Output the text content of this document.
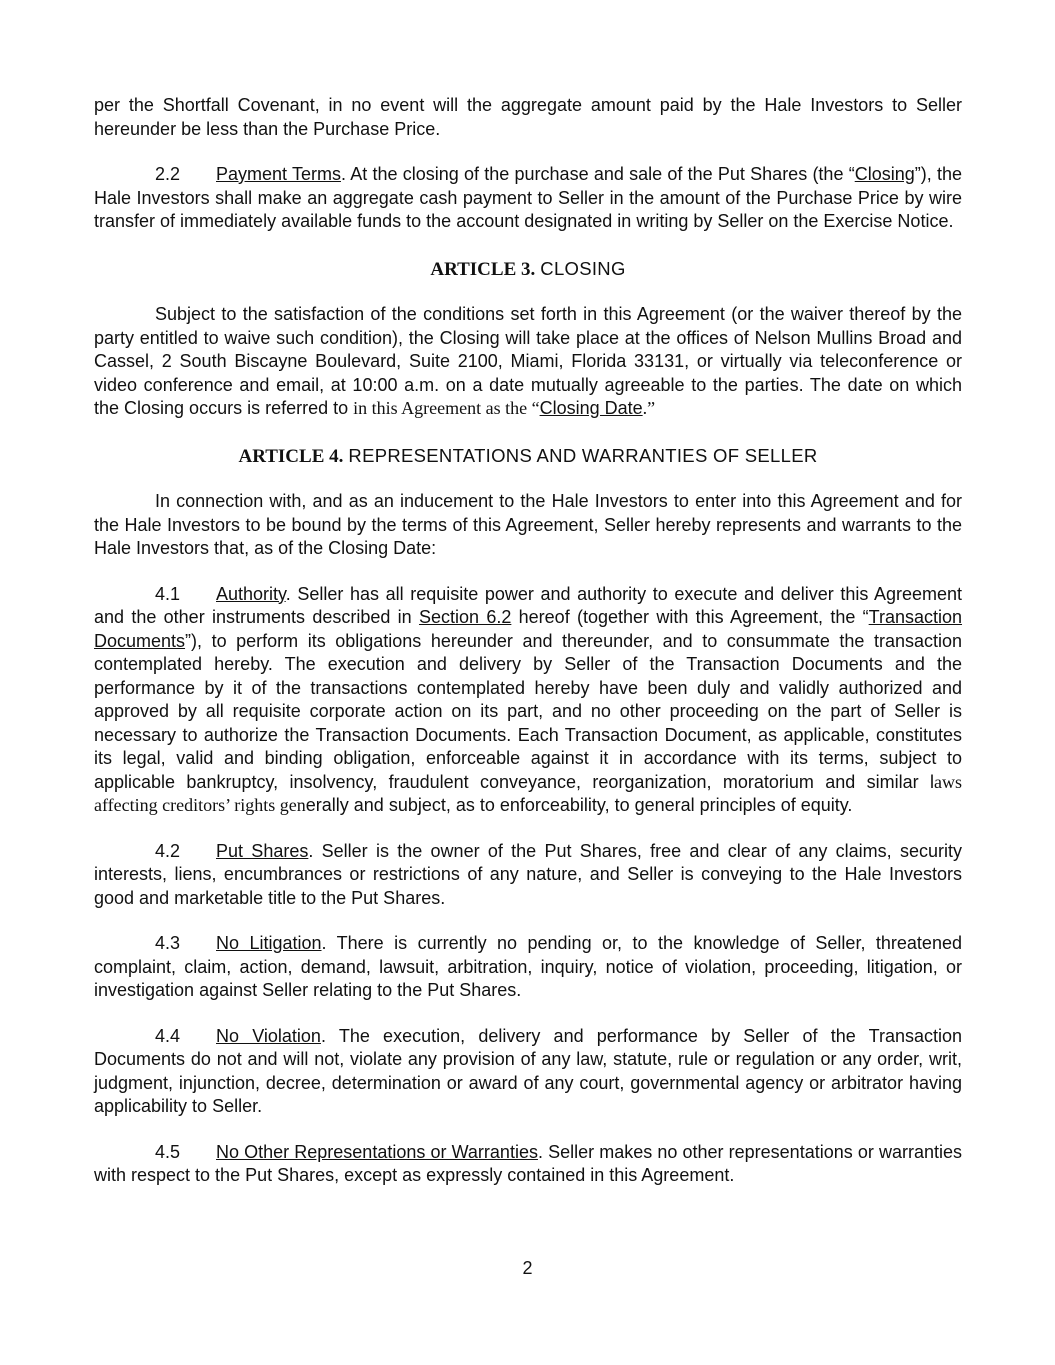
per the Shortfall Covenant, in no event will the aggregate amount paid by the Hale Investors to Seller hereunder be less than the Purchase Price.

2.2 Payment Terms. At the closing of the purchase and sale of the Put Shares (the “Closing”), the Hale Investors shall make an aggregate cash payment to Seller in the amount of the Purchase Price by wire transfer of immediately available funds to the account designated in writing by Seller on the Exercise Notice.

ARTICLE 3. CLOSING

Subject to the satisfaction of the conditions set forth in this Agreement (or the waiver thereof by the party entitled to waive such condition), the Closing will take place at the offices of Nelson Mullins Broad and Cassel, 2 South Biscayne Boulevard, Suite 2100, Miami, Florida 33131, or virtually via teleconference or video conference and email, at 10:00 a.m. on a date mutually agreeable to the parties. The date on which the Closing occurs is referred to in this Agreement as the “Closing Date.”

ARTICLE 4. REPRESENTATIONS AND WARRANTIES OF SELLER

In connection with, and as an inducement to the Hale Investors to enter into this Agreement and for the Hale Investors to be bound by the terms of this Agreement, Seller hereby represents and warrants to the Hale Investors that, as of the Closing Date:

4.1 Authority. Seller has all requisite power and authority to execute and deliver this Agreement and the other instruments described in Section 6.2 hereof (together with this Agreement, the “Transaction Documents”), to perform its obligations hereunder and thereunder, and to consummate the transaction contemplated hereby. The execution and delivery by Seller of the Transaction Documents and the performance by it of the transactions contemplated hereby have been duly and validly authorized and approved by all requisite corporate action on its part, and no other proceeding on the part of Seller is necessary to authorize the Transaction Documents. Each Transaction Document, as applicable, constitutes its legal, valid and binding obligation, enforceable against it in accordance with its terms, subject to applicable bankruptcy, insolvency, fraudulent conveyance, reorganization, moratorium and similar laws affecting creditors’ rights generally and subject, as to enforceability, to general principles of equity.

4.2 Put Shares. Seller is the owner of the Put Shares, free and clear of any claims, security interests, liens, encumbrances or restrictions of any nature, and Seller is conveying to the Hale Investors good and marketable title to the Put Shares.

4.3 No Litigation. There is currently no pending or, to the knowledge of Seller, threatened complaint, claim, action, demand, lawsuit, arbitration, inquiry, notice of violation, proceeding, litigation, or investigation against Seller relating to the Put Shares.

4.4 No Violation. The execution, delivery and performance by Seller of the Transaction Documents do not and will not, violate any provision of any law, statute, rule or regulation or any order, writ, judgment, injunction, decree, determination or award of any court, governmental agency or arbitrator having applicability to Seller.

4.5 No Other Representations or Warranties. Seller makes no other representations or warranties with respect to the Put Shares, except as expressly contained in this Agreement.

2
